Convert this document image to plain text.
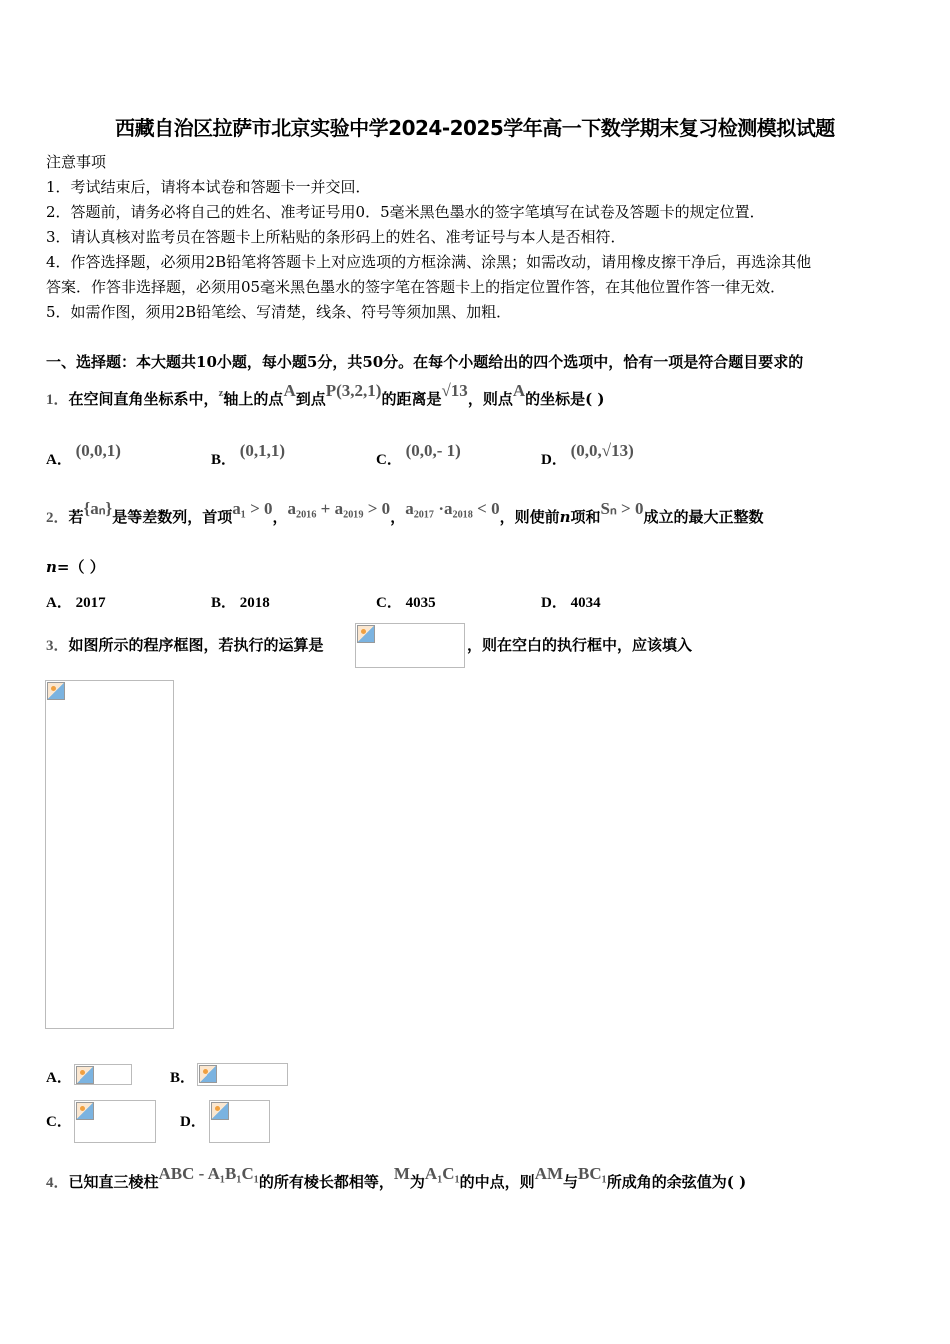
西藏自治区拉萨市北京实验中学2024-2025学年高一下数学期末复习检测模拟试题
注意事项
1．考试结束后，请将本试卷和答题卡一并交回．
2．答题前，请务必将自己的姓名、准考证号用0．5毫米黑色墨水的签字笔填写在试卷及答题卡的规定位置．
3．请认真核对监考员在答题卡上所粘贴的条形码上的姓名、准考证号与本人是否相符．
4．作答选择题，必须用2B铅笔将答题卡上对应选项的方框涂满、涂黑；如需改动，请用橡皮擦干净后，再选涂其他
答案．作答非选择题，必须用05毫米黑色墨水的签字笔在答题卡上的指定位置作答，在其他位置作答一律无效．
5．如需作图，须用2B铅笔绘、写清楚，线条、符号等须加黑、加粗．
一、选择题：本大题共10小题，每小题5分，共50分。在每个小题给出的四个选项中，恰有一项是符合题目要求的
1．在空间直角坐标系中，$^z$轴上的点A到点P(3,2,1)的距离是√13，则点A的坐标是( )
A． (0,0,1)	B． (0,1,1)	C． (0,0,- 1)	D． (0,0,√13)
2．若{aₙ}是等差数列，首项a₁ > 0，a₂₀₁₆ + a₂₀₁₉ > 0，a₂₀₁₇ ·a₂₀₁₈ < 0，则使前n项和Sₙ > 0成立的最大正整数
n=（ ）
A． 2017	B． 2018	C． 4035	D． 4034
3．如图所示的程序框图，若执行的运算是	，则在空白的执行框中，应该填入
A．	B．
C．	D．
4．已知直三棱柱ABC - A₁B₁C₁的所有棱长都相等，M为A₁C₁的中点，则AM与BC₁所成角的余弦值为( )
